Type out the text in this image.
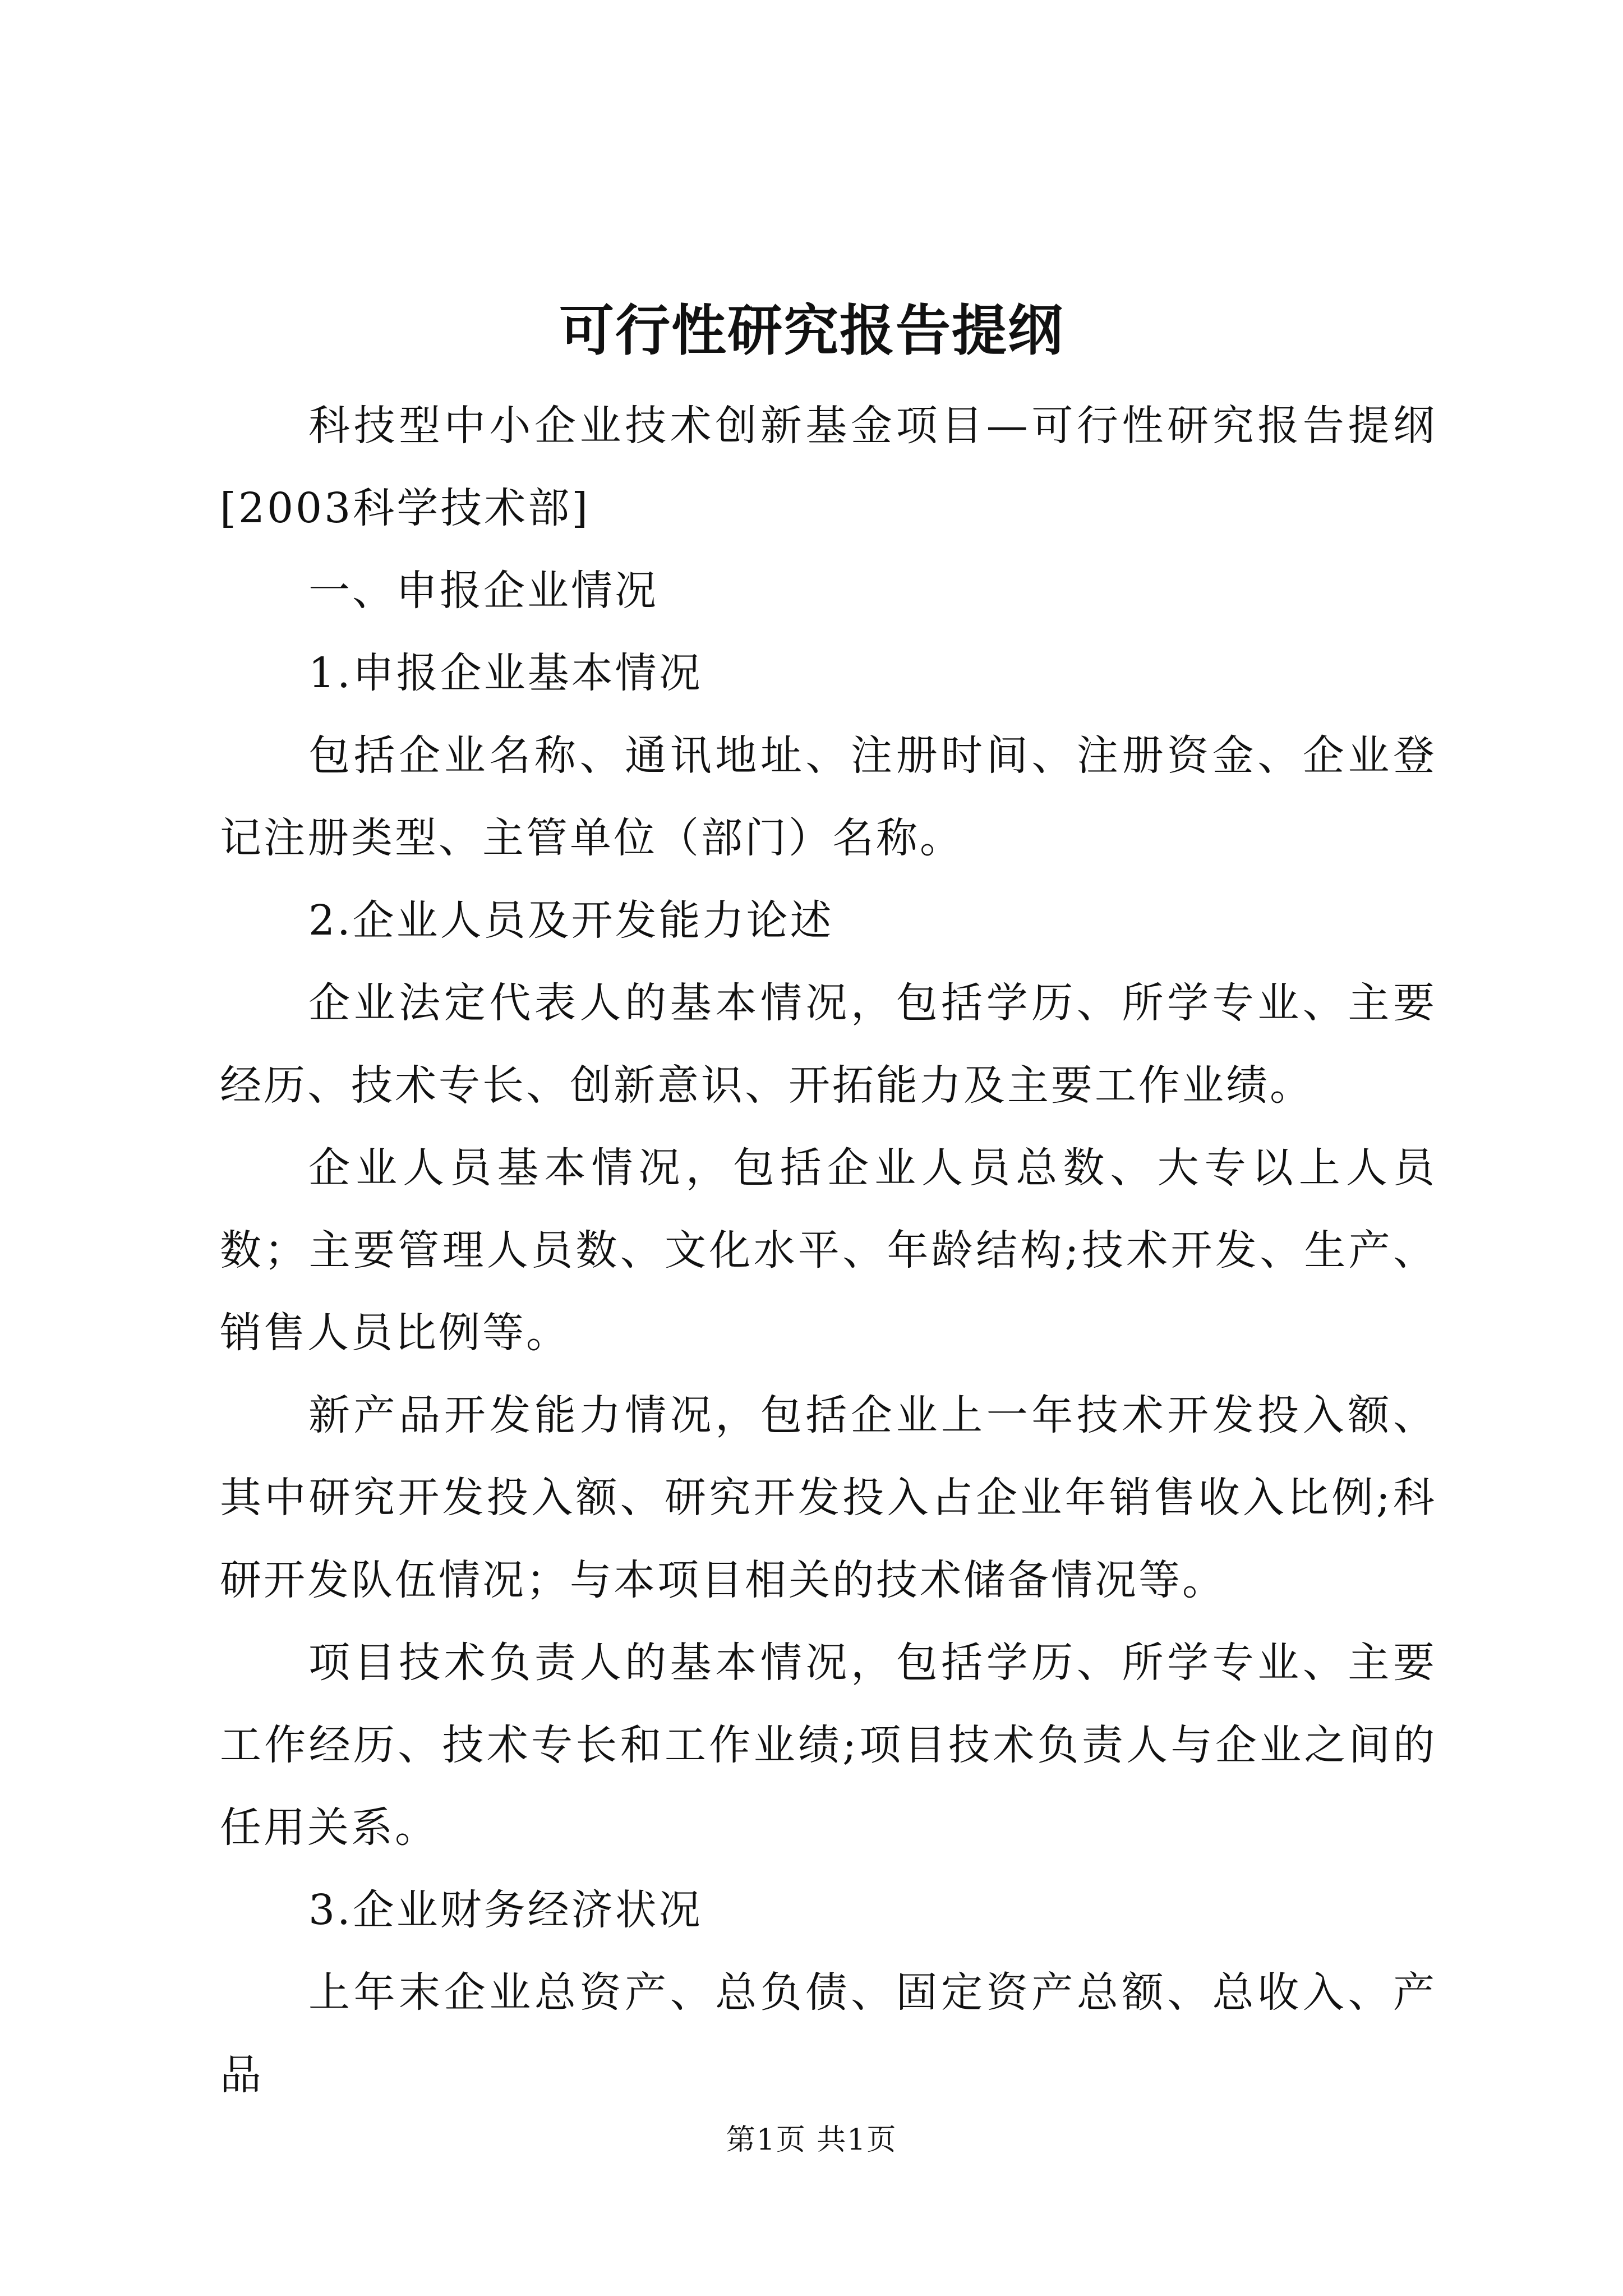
可行性研究报告提纲

科技型中小企业技术创新基金项目—可行性研究报告提纲[2003科学技术部]

一、申报企业情况

1.申报企业基本情况

包括企业名称、通讯地址、注册时间、注册资金、企业登记注册类型、主管单位（部门）名称。

2.企业人员及开发能力论述

企业法定代表人的基本情况，包括学历、所学专业、主要经历、技术专长、创新意识、开拓能力及主要工作业绩。

企业人员基本情况，包括企业人员总数、大专以上人员数；主要管理人员数、文化水平、年龄结构;技术开发、生产、销售人员比例等。

新产品开发能力情况，包括企业上一年技术开发投入额、其中研究开发投入额、研究开发投入占企业年销售收入比例;科研开发队伍情况；与本项目相关的技术储备情况等。

项目技术负责人的基本情况，包括学历、所学专业、主要工作经历、技术专长和工作业绩;项目技术负责人与企业之间的任用关系。

3.企业财务经济状况

上年末企业总资产、总负债、固定资产总额、总收入、产品

第1页 共1页
